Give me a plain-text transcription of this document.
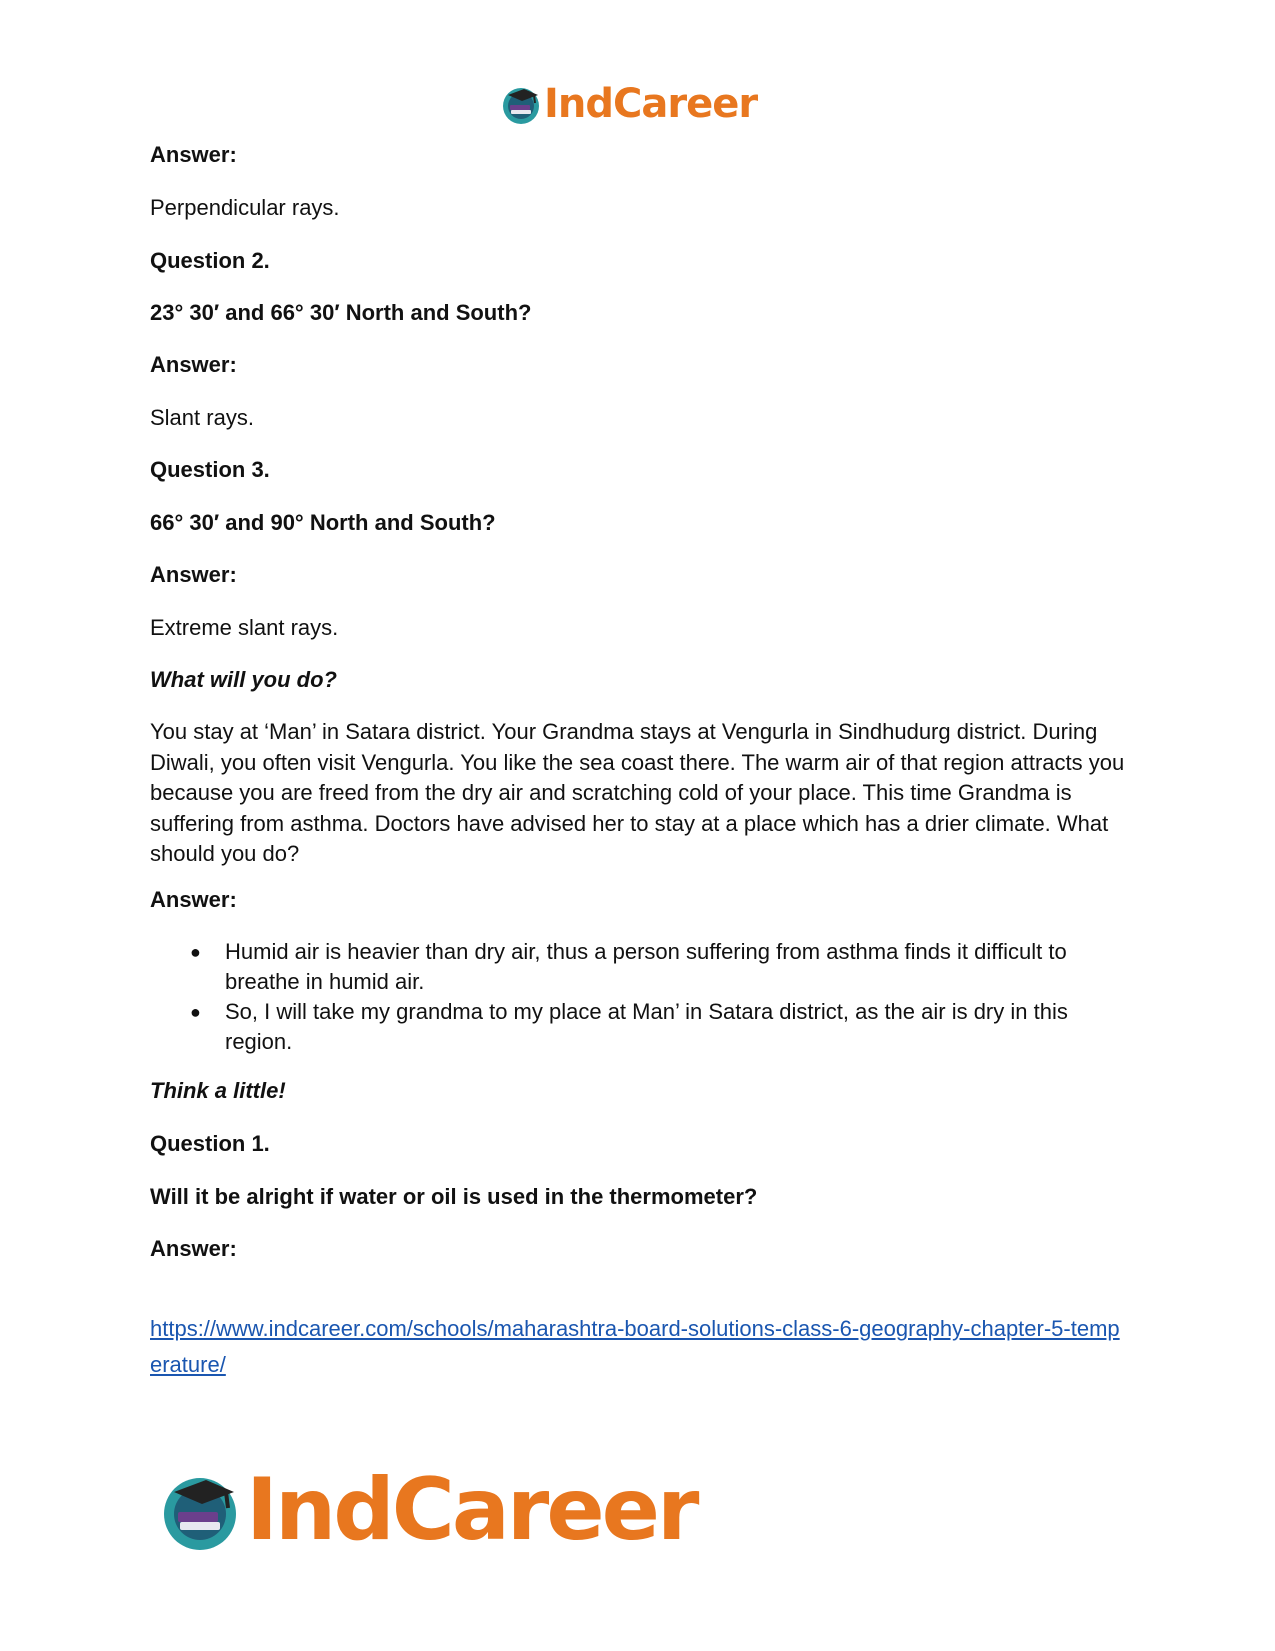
IndCareer
Answer:
Perpendicular rays.
Question 2.
23° 30′ and 66° 30′ North and South?
Answer:
Slant rays.
Question 3.
66° 30′ and 90° North and South?
Answer:
Extreme slant rays.
What will you do?
You stay at ‘Man’ in Satara district. Your Grandma stays at Vengurla in Sindhudurg district. During Diwali, you often visit Vengurla. You like the sea coast there. The warm air of that region attracts you because you are freed from the dry air and scratching cold of your place. This time Grandma is suffering from asthma. Doctors have advised her to stay at a place which has a drier climate. What should you do?
Answer:
● Humid air is heavier than dry air, thus a person suffering from asthma finds it difficult to breathe in humid air.
● So, I will take my grandma to my place at Man’ in Satara district, as the air is dry in this region.
Think a little!
Question 1.
Will it be alright if water or oil is used in the thermometer?
Answer:
https://www.indcareer.com/schools/maharashtra-board-solutions-class-6-geography-chapter-5-temperature/
IndCareer
